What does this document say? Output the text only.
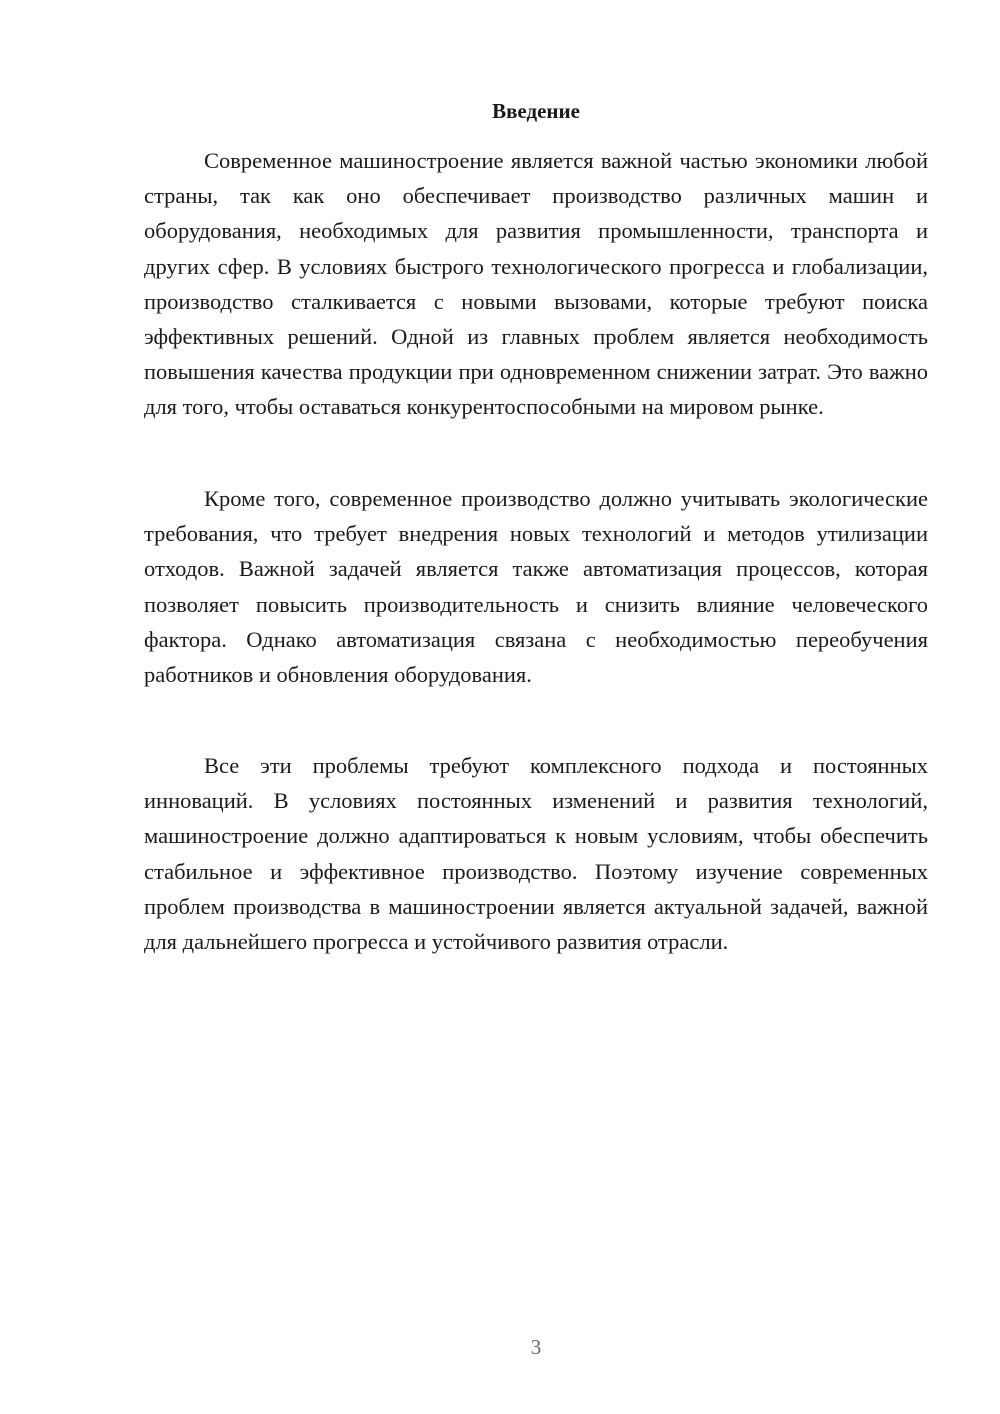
Введение

Современное машиностроение является важной частью экономики любой страны, так как оно обеспечивает производство различных машин и оборудования, необходимых для развития промышленности, транспорта и других сфер. В условиях быстрого технологического прогресса и глобализации, производство сталкивается с новыми вызовами, которые требуют поиска эффективных решений. Одной из главных проблем является необходимость повышения качества продукции при одновременном снижении затрат. Это важно для того, чтобы оставаться конкурентоспособными на мировом рынке.

Кроме того, современное производство должно учитывать экологические требования, что требует внедрения новых технологий и методов утилизации отходов. Важной задачей является также автоматизация процессов, которая позволяет повысить производительность и снизить влияние человеческого фактора. Однако автоматизация связана с необходимостью переобучения работников и обновления оборудования.

Все эти проблемы требуют комплексного подхода и постоянных инноваций. В условиях постоянных изменений и развития технологий, машиностроение должно адаптироваться к новым условиям, чтобы обеспечить стабильное и эффективное производство. Поэтому изучение современных проблем производства в машиностроении является актуальной задачей, важной для дальнейшего прогресса и устойчивого развития отрасли.

3
